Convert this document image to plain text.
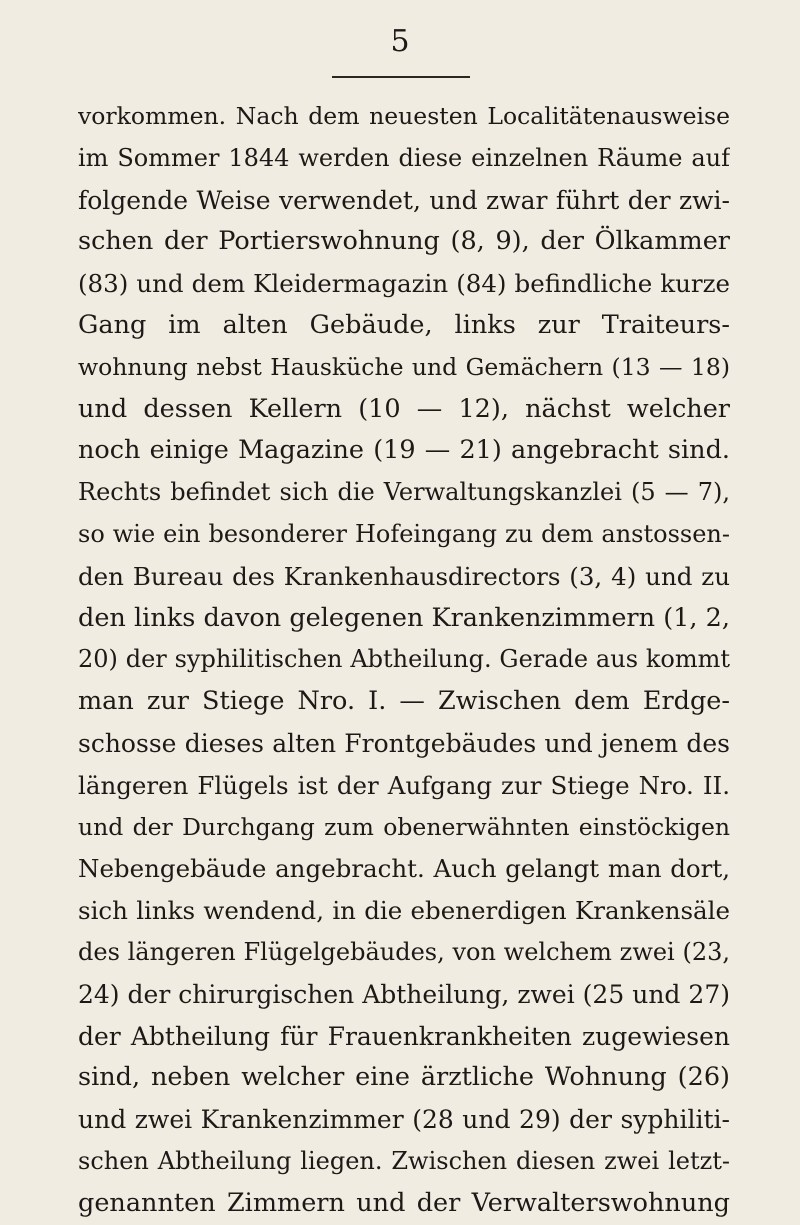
5
vorkommen. Nach dem neuesten Localitätenausweise
im Sommer 1844 werden diese einzelnen Räume auf
folgende Weise verwendet, und zwar führt der zwi-
schen der Portierswohnung (8, 9), der Ölkammer
(83) und dem Kleidermagazin (84) befindliche kurze
Gang im alten Gebäude, links zur Traiteurs-
wohnung nebst Hausküche und Gemächern (13 — 18)
und dessen Kellern (10 — 12), nächst welcher
noch einige Magazine (19 — 21) angebracht sind.
Rechts befindet sich die Verwaltungskanzlei (5 — 7),
so wie ein besonderer Hofeingang zu dem anstossen-
den Bureau des Krankenhausdirectors (3, 4) und zu
den links davon gelegenen Krankenzimmern (1, 2,
20) der syphilitischen Abtheilung. Gerade aus kommt
man zur Stiege Nro. I. — Zwischen dem Erdge-
schosse dieses alten Frontgebäudes und jenem des
längeren Flügels ist der Aufgang zur Stiege Nro. II.
und der Durchgang zum obenerwähnten einstöckigen
Nebengebäude angebracht. Auch gelangt man dort,
sich links wendend, in die ebenerdigen Krankensäle
des längeren Flügelgebäudes, von welchem zwei (23,
24) der chirurgischen Abtheilung, zwei (25 und 27)
der Abtheilung für Frauenkrankheiten zugewiesen
sind, neben welcher eine ärztliche Wohnung (26)
und zwei Krankenzimmer (28 und 29) der syphiliti-
schen Abtheilung liegen. Zwischen diesen zwei letzt-
genannten Zimmern und der Verwalterswohnung
